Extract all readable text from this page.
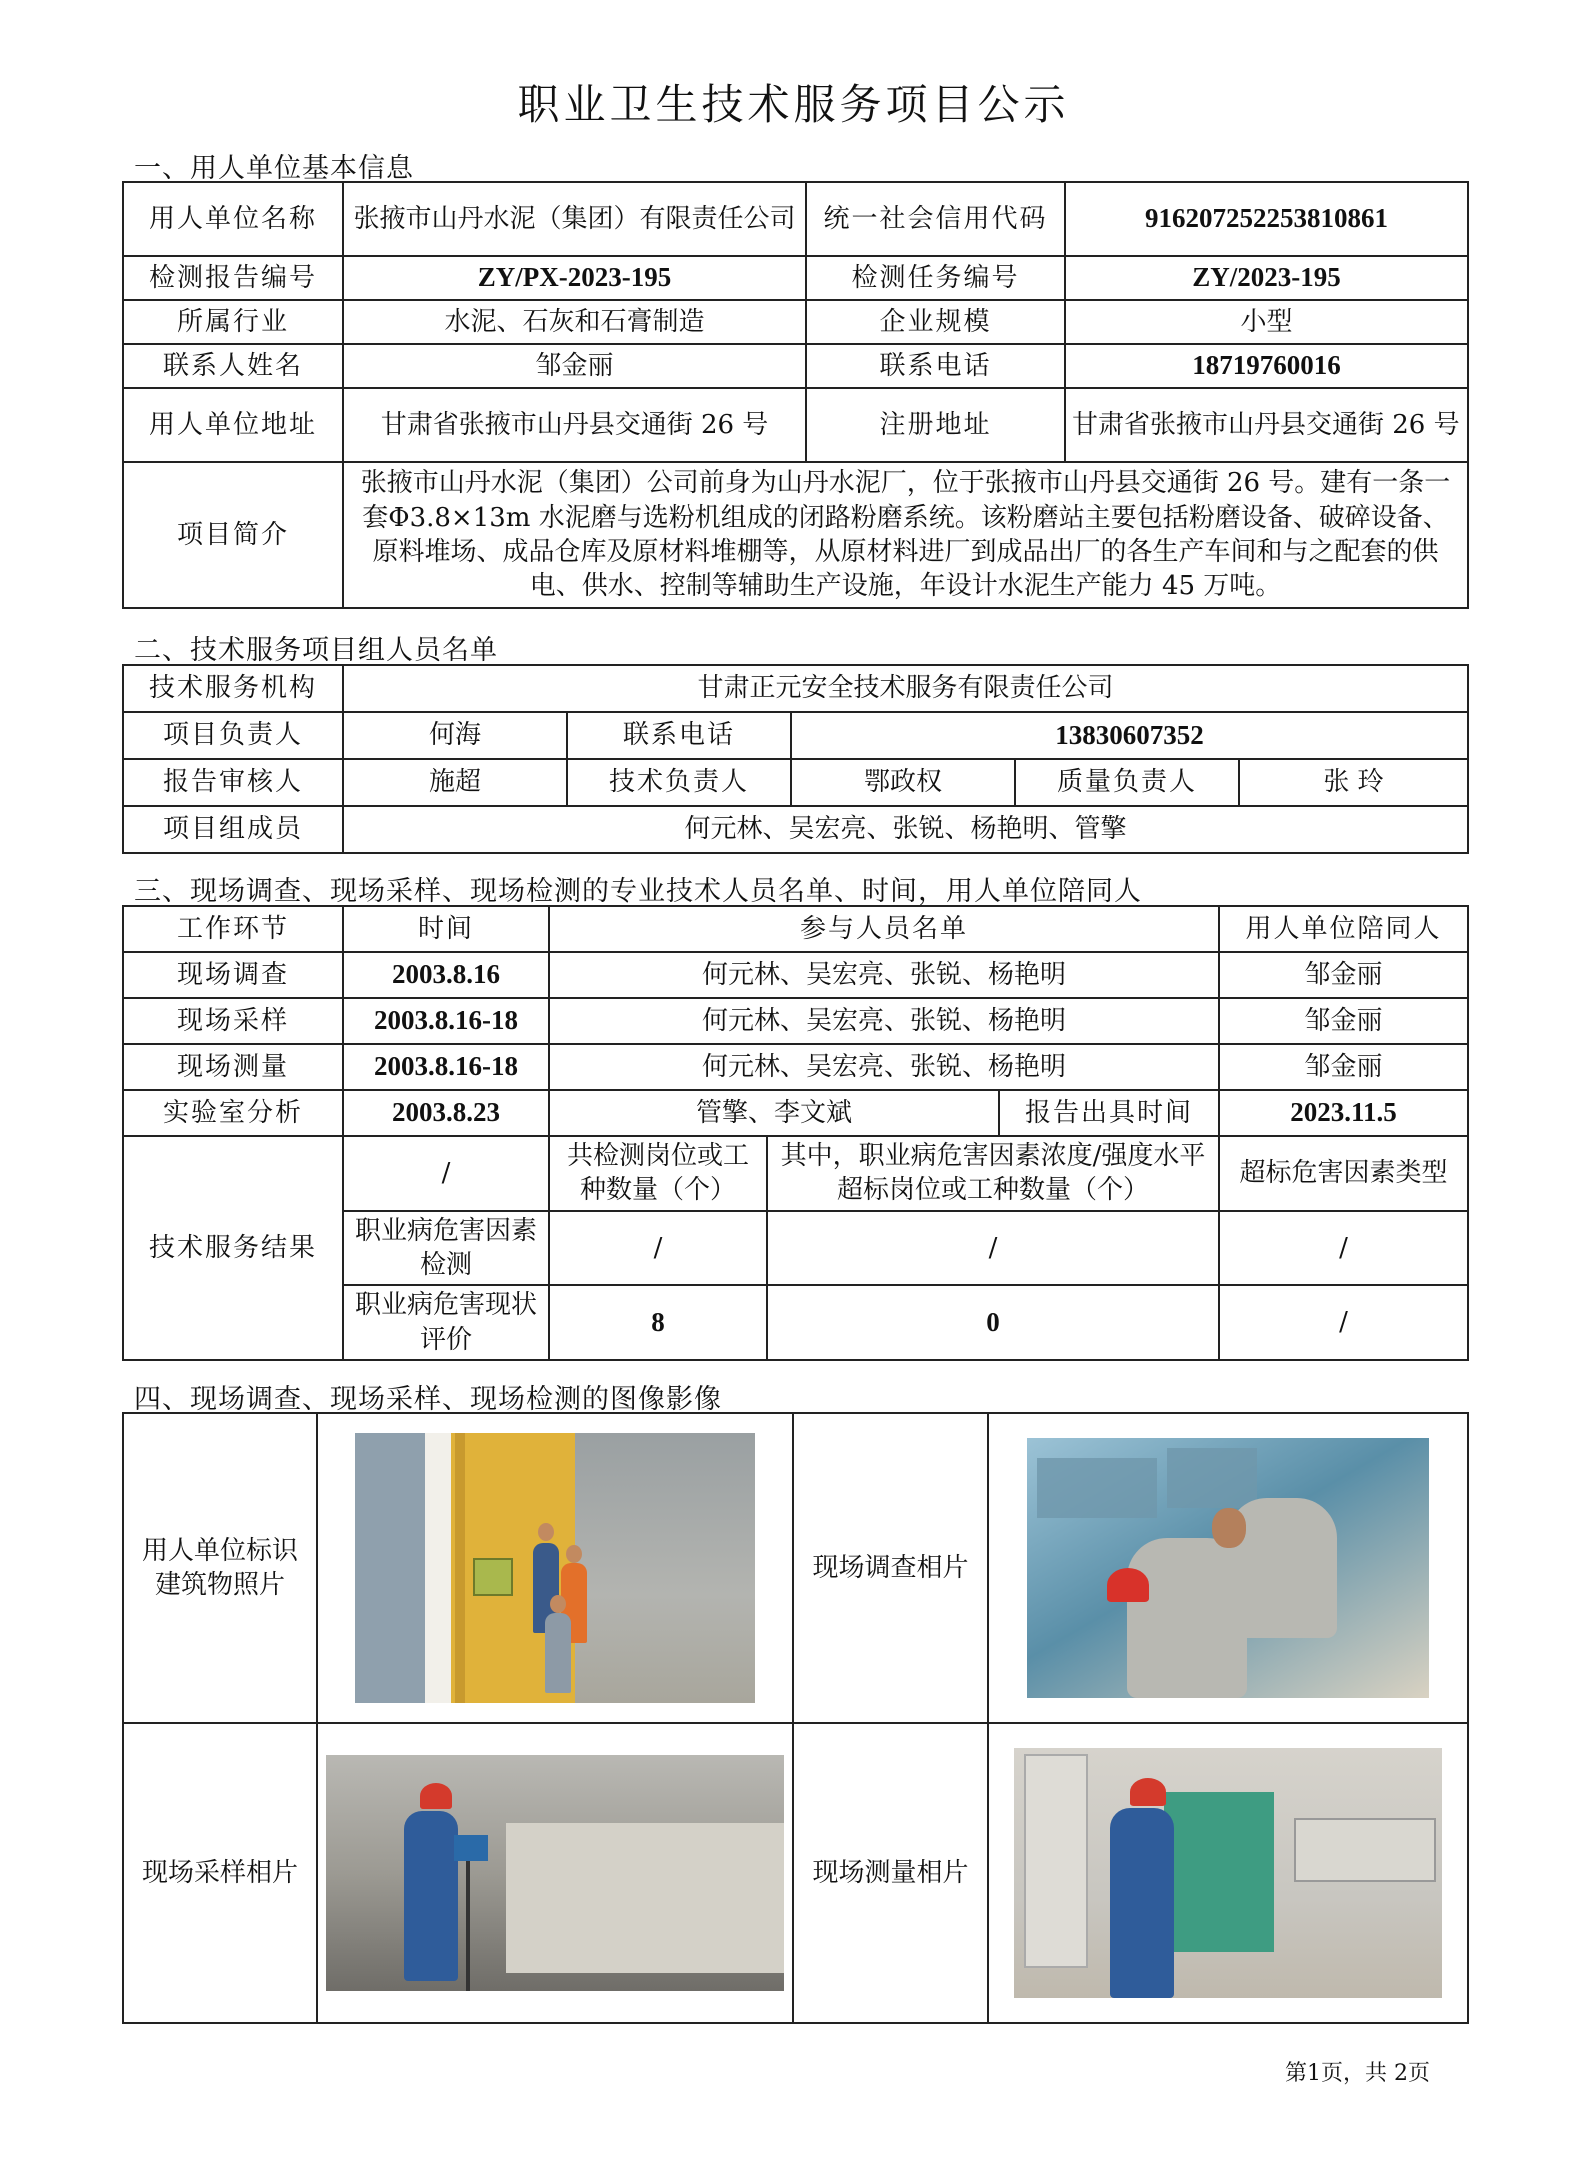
职业卫生技术服务项目公示
一、用人单位基本信息
用人单位名称	张掖市山丹水泥（集团）有限责任公司	统一社会信用代码	916207252253810861
检测报告编号	ZY/PX-2023-195	检测任务编号	ZY/2023-195
所属行业	水泥、石灰和石膏制造	企业规模	小型
联系人姓名	邹金丽	联系电话	18719760016
用人单位地址	甘肃省张掖市山丹县交通街 26 号	注册地址	甘肃省张掖市山丹县交通街 26 号
项目简介	张掖市山丹水泥（集团）公司前身为山丹水泥厂，位于张掖市山丹县交通街 26 号。建有一条一套Φ3.8×13m 水泥磨与选粉机组成的闭路粉磨系统。该粉磨站主要包括粉磨设备、破碎设备、原料堆场、成品仓库及原材料堆棚等，从原材料进厂到成品出厂的各生产车间和与之配套的供电、供水、控制等辅助生产设施，年设计水泥生产能力 45 万吨。		
二、技术服务项目组人员名单
技术服务机构	甘肃正元安全技术服务有限责任公司				
项目负责人	何海	联系电话	13830607352		
报告审核人	施超	技术负责人	鄂政权	质量负责人	张 玲
项目组成员	何元林、吴宏亮、张锐、杨艳明、管擎				
三、现场调查、现场采样、现场检测的专业技术人员名单、时间，用人单位陪同人
工作环节	时间	参与人员名单			用人单位陪同人
现场调查	2003.8.16	何元林、吴宏亮、张锐、杨艳明			邹金丽
现场采样	2003.8.16-18	何元林、吴宏亮、张锐、杨艳明			邹金丽
现场测量	2003.8.16-18	何元林、吴宏亮、张锐、杨艳明			邹金丽
实验室分析	2003.8.23	管擎、李文斌		报告出具时间	2023.11.5
技术服务结果	/	共检测岗位或工种数量（个）	其中，职业病危害因素浓度/强度水平超标岗位或工种数量（个）		超标危害因素类型
	职业病危害因素检测	/	/		/
	职业病危害现状评价	8	0		/
四、现场调查、现场采样、现场检测的图像影像
用人单位标识建筑物照片		现场调查相片	

现场采样相片		现场测量相片	
第1页，共 2页
